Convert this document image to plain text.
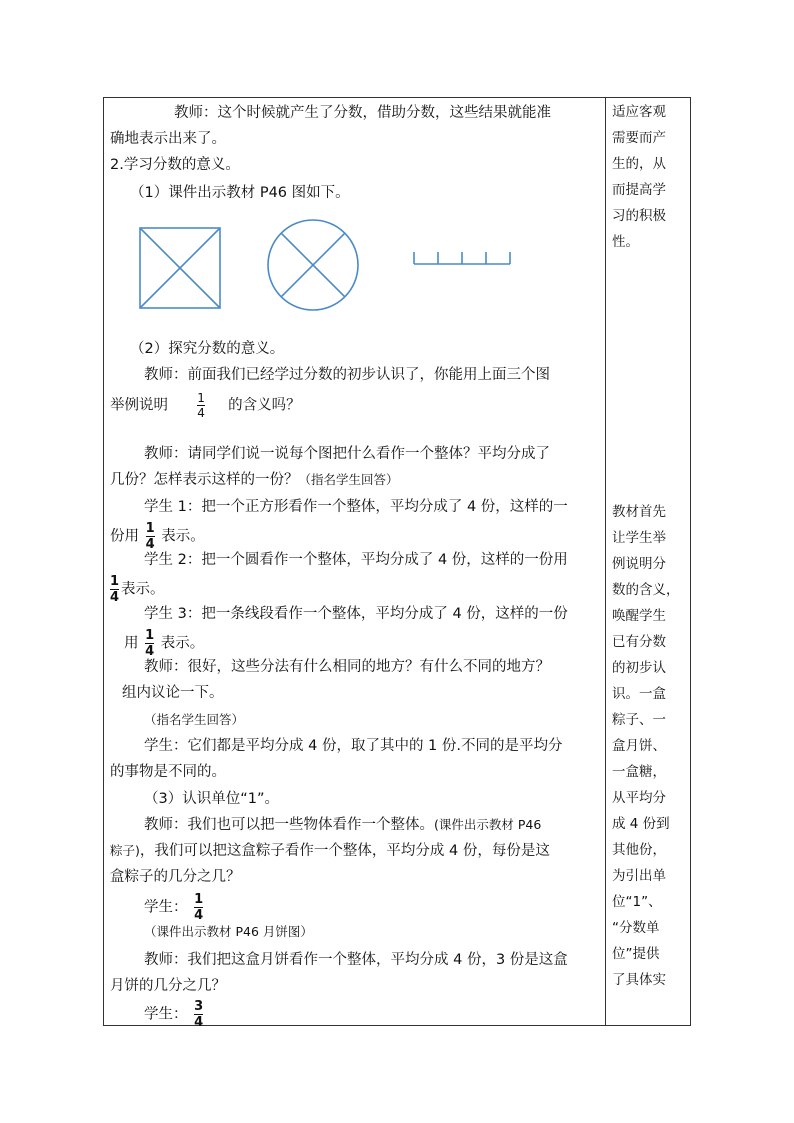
教师：这个时候就产生了分数，借助分数，这些结果就能准
确地表示出来了。
2.学习分数的意义。
（1）课件出示教材 P46 图如下。
（2）探究分数的意义。
教师：前面我们已经学过分数的初步认识了，你能用上面三个图
举例说明 $\frac{1}{4}$ 的含义吗？
教师：请同学们说一说每个图把什么看作一个整体？平均分成了
几份？怎样表示这样的一份？（指名学生回答）
学生 1：把一个正方形看作一个整体，平均分成了 4 份，这样的一
份用 $\frac{1}{4}$ 表示。
学生 2：把一个圆看作一个整体，平均分成了 4 份，这样的一份用
$\frac{1}{4}$ 表示。
学生 3：把一条线段看作一个整体，平均分成了 4 份，这样的一份
用 $\frac{1}{4}$ 表示。
教师：很好，这些分法有什么相同的地方？有什么不同的地方？
组内议论一下。
（指名学生回答）
学生：它们都是平均分成 4 份，取了其中的 1 份.不同的是平均分
的事物是不同的。
（3）认识单位“1”。
教师：我们也可以把一些物体看作一个整体。(课件出示教材 P46
粽子)，我们可以把这盒粽子看作一个整体，平均分成 4 份，每份是这
盒粽子的几分之几？
学生： $\frac{1}{4}$
（课件出示教材 P46 月饼图）
教师：我们把这盒月饼看作一个整体，平均分成 4 份，3 份是这盒
月饼的几分之几？
学生： $\frac{3}{4}$
适应客观
需要而产
生的，从
而提高学
习的积极
性。
教材首先
让学生举
例说明分
数的含义，
唤醒学生
已有分数
的初步认
识。一盒
粽子、一
盒月饼、
一盒糖，
从平均分
成 4 份到
其他份，
为引出单
位“1”、
“分数单
位”提供
了具体实
